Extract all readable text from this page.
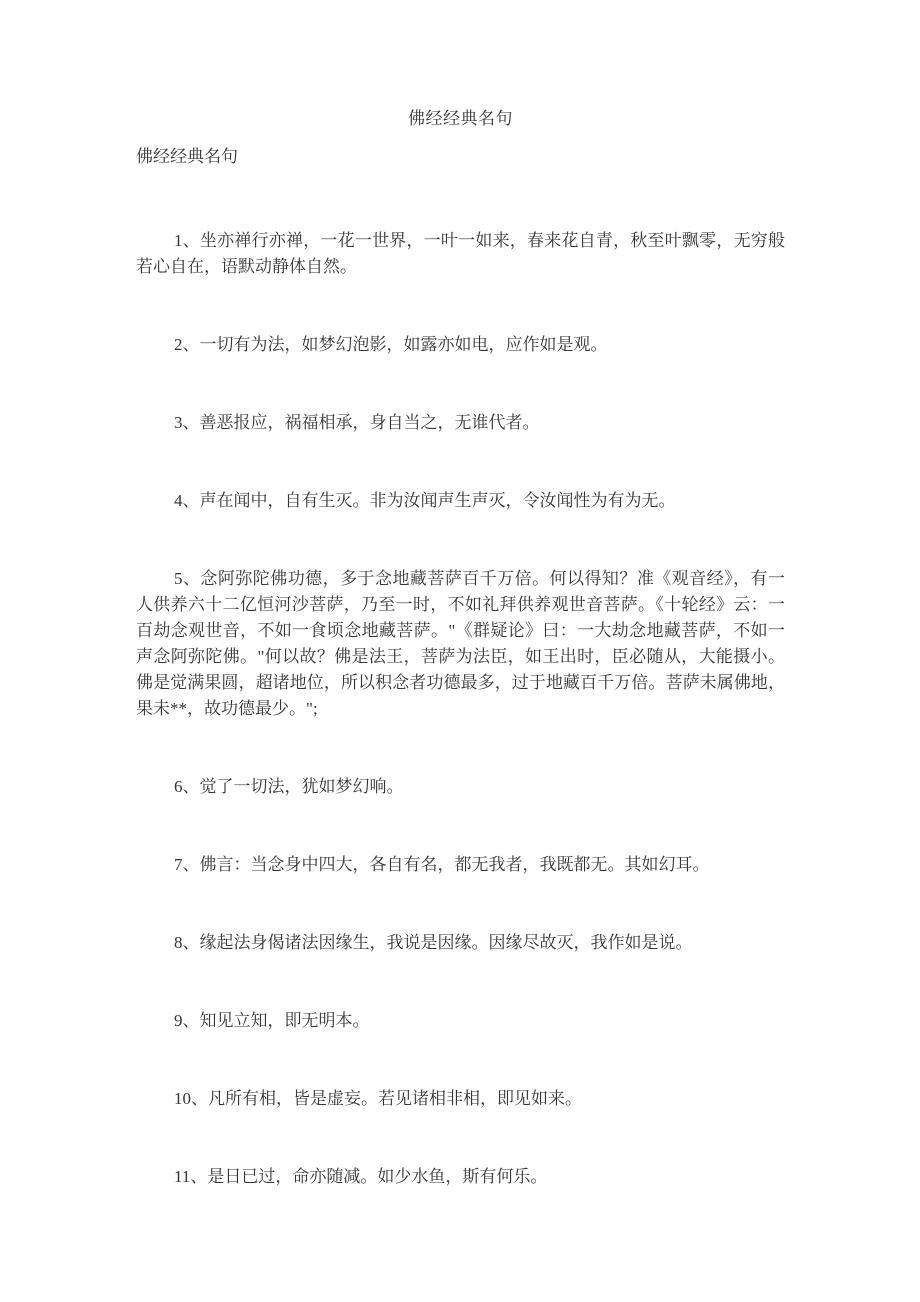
佛经经典名句

佛经经典名句

1、坐亦禅行亦禅，一花一世界，一叶一如来，春来花自青，秋至叶飘零，无穷般若心自在，语默动静体自然。

2、一切有为法，如梦幻泡影，如露亦如电，应作如是观。

3、善恶报应，祸福相承，身自当之，无谁代者。

4、声在闻中，自有生灭。非为汝闻声生声灭，令汝闻性为有为无。

5、念阿弥陀佛功德，多于念地藏菩萨百千万倍。何以得知？准《观音经》，有一人供养六十二亿恒河沙菩萨，乃至一时，不如礼拜供养观世音菩萨。《十轮经》云：一百劫念观世音，不如一食顷念地藏菩萨。"《群疑论》曰：一大劫念地藏菩萨，不如一声念阿弥陀佛。"何以故？佛是法王，菩萨为法臣，如王出时，臣必随从，大能摄小。佛是觉满果圆，超诸地位，所以积念者功德最多，过于地藏百千万倍。菩萨未属佛地，果未**，故功德最少。";

6、觉了一切法，犹如梦幻响。

7、佛言：当念身中四大，各自有名，都无我者，我既都无。其如幻耳。

8、缘起法身偈诸法因缘生，我说是因缘。因缘尽故灭，我作如是说。

9、知见立知，即无明本。

10、凡所有相，皆是虚妄。若见诸相非相，即见如来。

11、是日已过，命亦随减。如少水鱼，斯有何乐。
